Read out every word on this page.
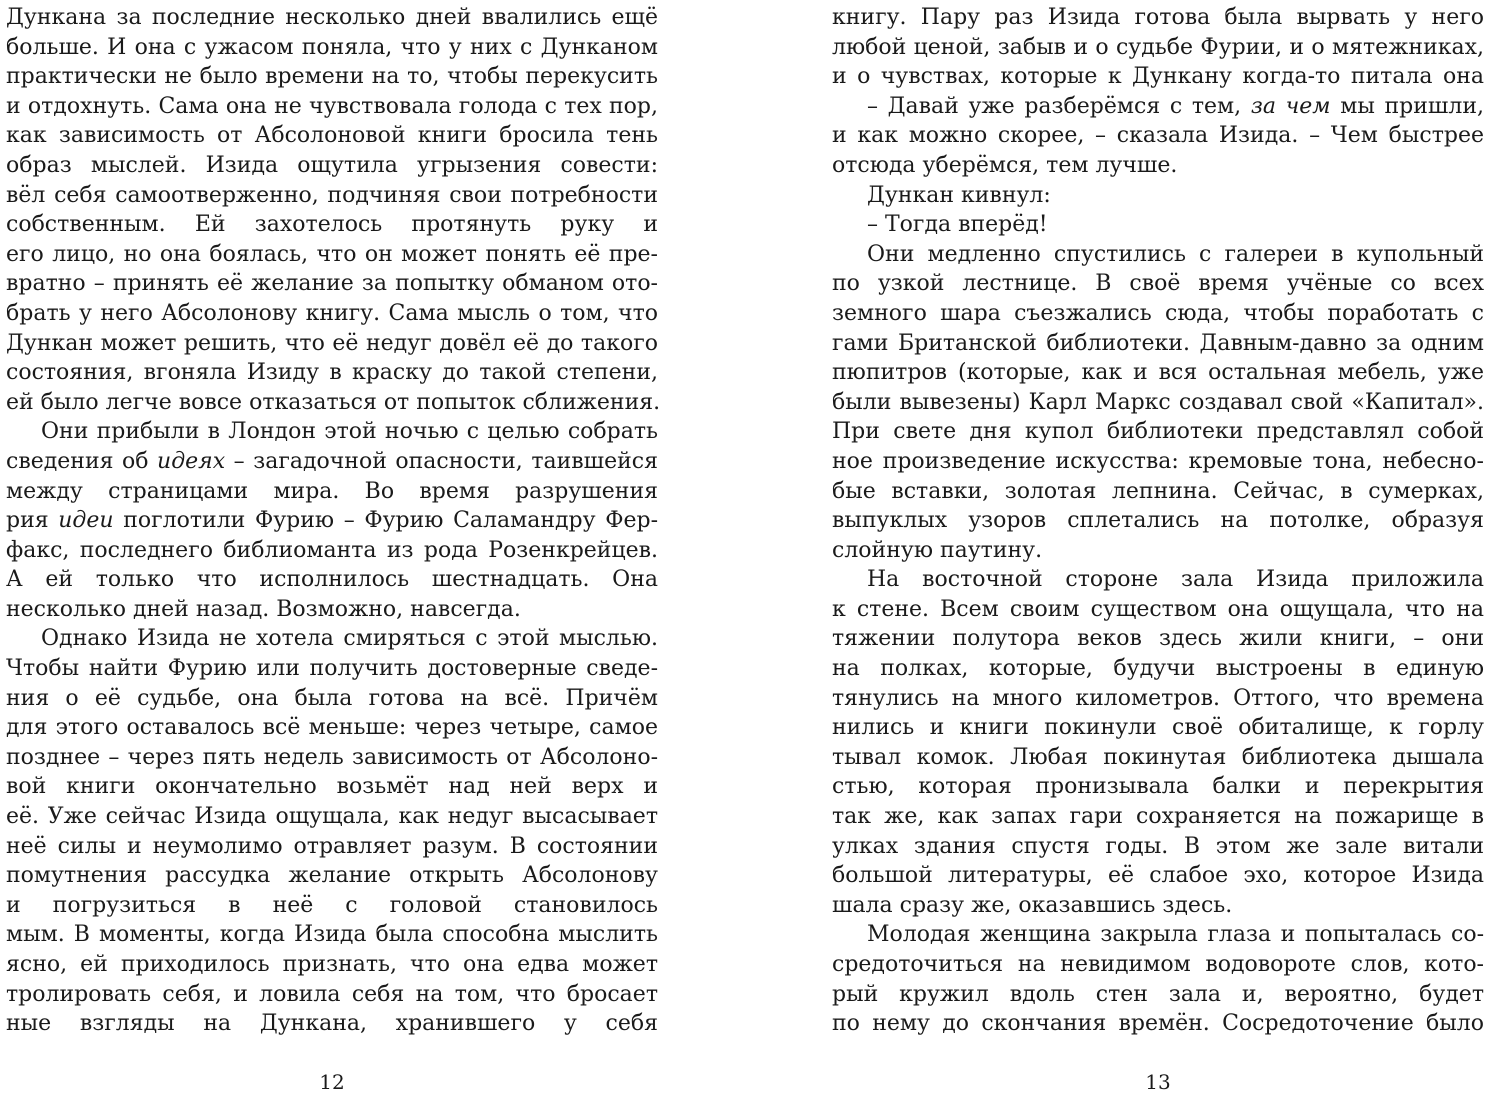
Дункана за последние несколько дней ввалились ещё
больше. И она с ужасом поняла, что у них с Дунканом
практически не было времени на то, чтобы перекусить
и отдохнуть. Сама она не чувствовала голода с тех пор,
как зависимость от Абсолоновой книги бросила тень
образ мыслей. Изида ощутила угрызения совести:
вёл себя самоотверженно, подчиняя свои потребности
собственным. Ей захотелось протянуть руку и
его лицо, но она боялась, что он может понять её пре-
вратно – принять её желание за попытку обманом ото-
брать у него Абсолонову книгу. Сама мысль о том, что
Дункан может решить, что её недуг довёл её до такого
состояния, вгоняла Изиду в краску до такой степени,
ей было легче вовсе отказаться от попыток сближения.
Они прибыли в Лондон этой ночью с целью собрать
сведения об идеях – загадочной опасности, таившейся
между страницами мира. Во время разрушения
рия идеи поглотили Фурию – Фурию Саламандру Фер-
факс, последнего библиоманта из рода Розенкрейцев.
А ей только что исполнилось шестнадцать. Она
несколько дней назад. Возможно, навсегда.
Однако Изида не хотела смиряться с этой мыслью.
Чтобы найти Фурию или получить достоверные сведе-
ния о её судьбе, она была готова на всё. Причём
для этого оставалось всё меньше: через четыре, самое
позднее – через пять недель зависимость от Абсолоно-
вой книги окончательно возьмёт над ней верх и
её. Уже сейчас Изида ощущала, как недуг высасывает
неё силы и неумолимо отравляет разум. В состоянии
помутнения рассудка желание открыть Абсолонову
и погрузиться в неё с головой становилось
мым. В моменты, когда Изида была способна мыслить
ясно, ей приходилось признать, что она едва может
тролировать себя, и ловила себя на том, что бросает
ные взгляды на Дункана, хранившего у себя
12
книгу. Пару раз Изида готова была вырвать у него
любой ценой, забыв и о судьбе Фурии, и о мятежниках,
и о чувствах, которые к Дункану когда-то питала она
– Давай уже разберёмся с тем, за чем мы пришли,
и как можно скорее, – сказала Изида. – Чем быстрее
отсюда уберёмся, тем лучше.
Дункан кивнул:
– Тогда вперёд!
Они медленно спустились с галереи в купольный
по узкой лестнице. В своё время учёные со всех
земного шара съезжались сюда, чтобы поработать с
гами Британской библиотеки. Давным-давно за одним
пюпитров (которые, как и вся остальная мебель, уже
были вывезены) Карл Маркс создавал свой «Капитал».
При свете дня купол библиотеки представлял собой
ное произведение искусства: кремовые тона, небесно-
бые вставки, золотая лепнина. Сейчас, в сумерках,
выпуклых узоров сплетались на потолке, образуя
слойную паутину.
На восточной стороне зала Изида приложила
к стене. Всем своим существом она ощущала, что на
тяжении полутора веков здесь жили книги, – они
на полках, которые, будучи выстроены в единую
тянулись на много километров. Оттого, что времена
нились и книги покинули своё обиталище, к горлу
тывал комок. Любая покинутая библиотека дышала
стью, которая пронизывала балки и перекрытия
так же, как запах гари сохраняется на пожарище в
улках здания спустя годы. В этом же зале витали
большой литературы, её слабое эхо, которое Изида
шала сразу же, оказавшись здесь.
Молодая женщина закрыла глаза и попыталась со-
средоточиться на невидимом водовороте слов, кото-
рый кружил вдоль стен зала и, вероятно, будет
по нему до скончания времён. Сосредоточение было
13
